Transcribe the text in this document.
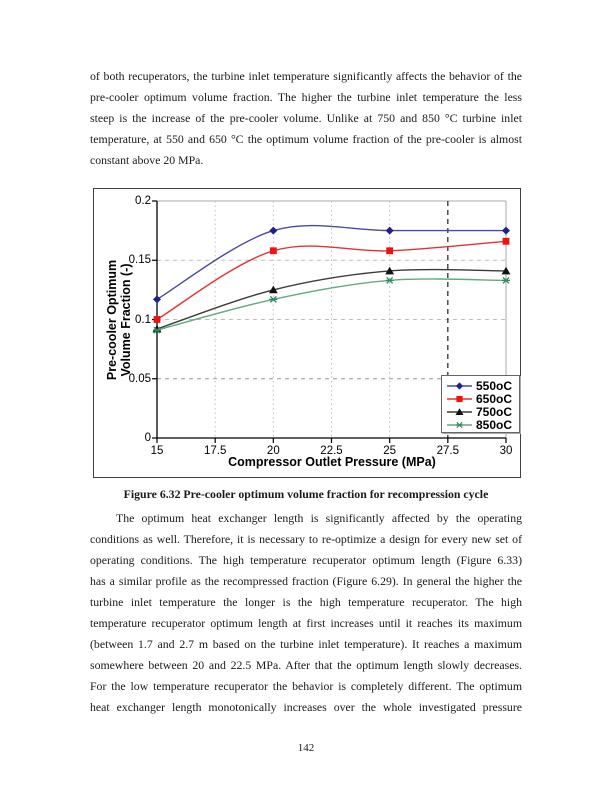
of both recuperators, the turbine inlet temperature significantly affects the behavior of the
pre-cooler optimum volume fraction. The higher the turbine inlet temperature the less
steep is the increase of the pre-cooler volume. Unlike at 750 and 850 °C turbine inlet
temperature, at 550 and 650 °C the optimum volume fraction of the pre-cooler is almost
constant above 20 MPa.
Pre-cooler Optimum Volume Fraction (-)
Compressor Outlet Pressure (MPa)
0
0.05
0.1
0.15
0.2
15	17.5	20	22.5	25	27.5	30
550oC
650oC
750oC
850oC
Figure 6.32 Pre-cooler optimum volume fraction for recompression cycle
The optimum heat exchanger length is significantly affected by the operating
conditions as well. Therefore, it is necessary to re-optimize a design for every new set of
operating conditions. The high temperature recuperator optimum length (Figure 6.33)
has a similar profile as the recompressed fraction (Figure 6.29). In general the higher the
turbine inlet temperature the longer is the high temperature recuperator. The high
temperature recuperator optimum length at first increases until it reaches its maximum
(between 1.7 and 2.7 m based on the turbine inlet temperature). It reaches a maximum
somewhere between 20 and 22.5 MPa. After that the optimum length slowly decreases.
For the low temperature recuperator the behavior is completely different. The optimum
heat exchanger length monotonically increases over the whole investigated pressure
142
